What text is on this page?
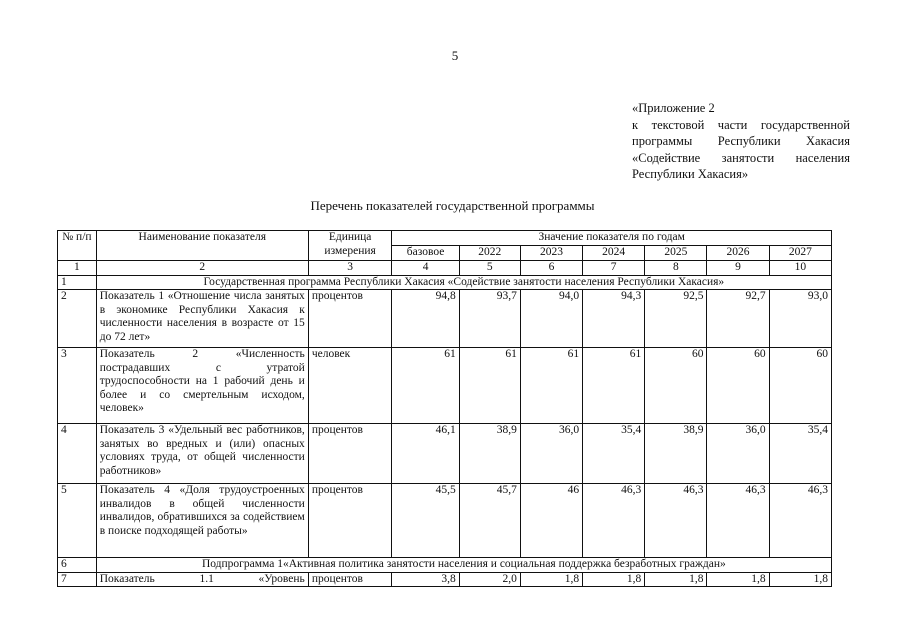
5
«Приложение 2
к текстовой части государственной
программы Республики Хакасия
«Содействие занятости населения
Республики Хакасия»
Перечень показателей государственной программы
№ п/п	Наименование показателя	Единица измерения	Значение показателя по годам						
			базовое	2022	2023	2024	2025	2026	2027
1	2	3	4	5	6	7	8	9	10
1	Государственная программа Республики Хакасия «Содействие занятости населения Республики Хакасия»								
2	Показатель 1 «Отношение числа занятых в экономике Республики Хакасия к численности населения в возрасте от 15 до 72 лет»	процентов	94,8	93,7	94,0	94,3	92,5	92,7	93,0
3	Показатель 2 «Численность пострадавших с утратой трудоспособности на 1 рабочий день и более и со смертельным исходом, человек»	человек	61	61	61	61	60	60	60
4	Показатель 3 «Удельный вес работников, занятых во вредных и (или) опасных условиях труда, от общей численности работников»	процентов	46,1	38,9	36,0	35,4	38,9	36,0	35,4
5	Показатель 4 «Доля трудоустроенных инвалидов в общей численности инвалидов, обратившихся за содействием в поиске подходящей работы»	процентов	45,5	45,7	46	46,3	46,3	46,3	46,3
6	Подпрограмма 1«Активная политика занятости населения и социальная поддержка безработных граждан»								
7	Показатель 1.1 «Уровень	процентов	3,8	2,0	1,8	1,8	1,8	1,8	1,8
